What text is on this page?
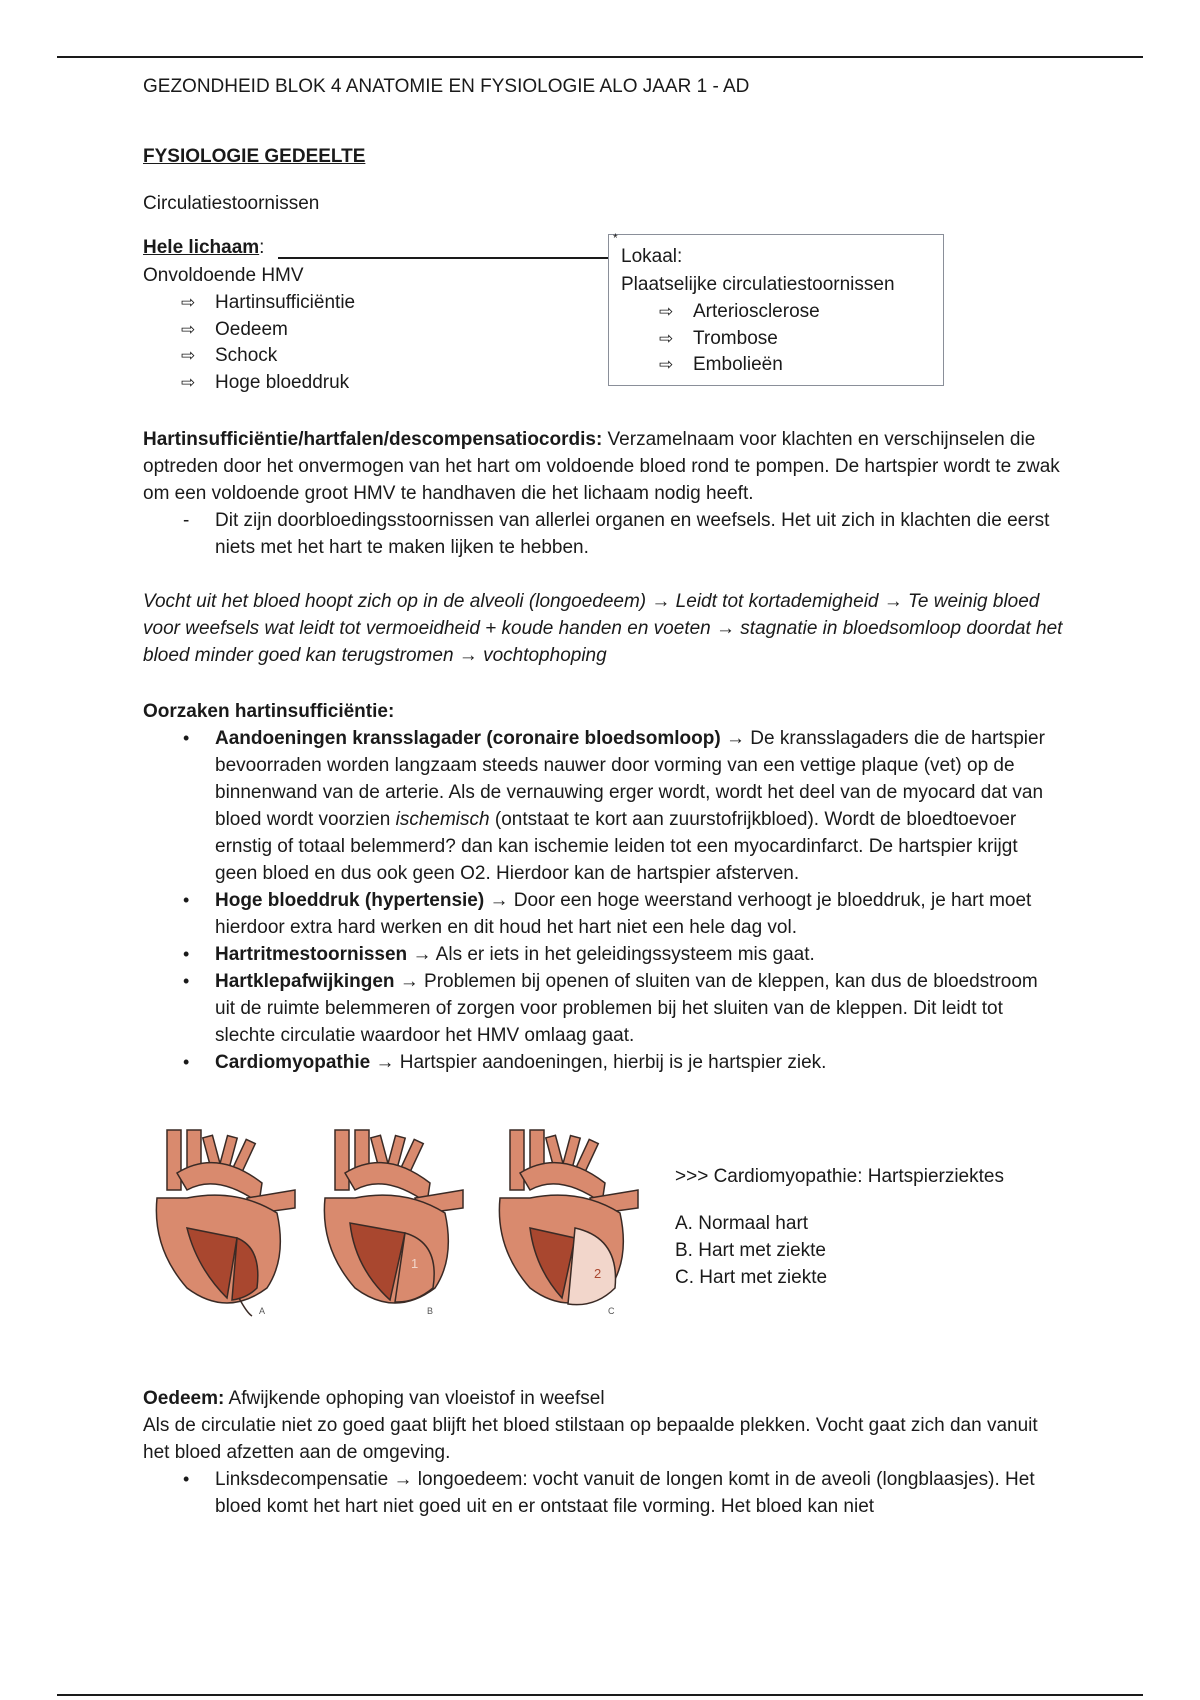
GEZONDHEID BLOK 4 ANATOMIE EN FYSIOLOGIE ALO JAAR 1 - AD
FYSIOLOGIE GEDEELTE
Circulatiestoornissen
Hele lichaam:
Onvoldoende HMV
⇨ Hartinsufficiëntie
⇨ Oedeem
⇨ Schock
⇨ Hoge bloeddruk
*
Lokaal:
Plaatselijke circulatiestoornissen
⇨ Arteriosclerose
⇨ Trombose
⇨ Embolieën
Hartinsufficiëntie/hartfalen/descompensatiocordis: Verzamelnaam voor klachten en verschijnselen die optreden door het onvermogen van het hart om voldoende bloed rond te pompen. De hartspier wordt te zwak om een voldoende groot HMV te handhaven die het lichaam nodig heeft.
- Dit zijn doorbloedingsstoornissen van allerlei organen en weefsels. Het uit zich in klachten die eerst niets met het hart te maken lijken te hebben.
Vocht uit het bloed hoopt zich op in de alveoli (longoedeem) → Leidt tot kortademigheid → Te weinig bloed voor weefsels wat leidt tot vermoeidheid + koude handen en voeten → stagnatie in bloedsomloop doordat het bloed minder goed kan terugstromen → vochtophoping
Oorzaken hartinsufficiëntie:
• Aandoeningen kransslagader (coronaire bloedsomloop) → De kransslagaders die de hartspier bevoorraden worden langzaam steeds nauwer door vorming van een vettige plaque (vet) op de binnenwand van de arterie. Als de vernauwing erger wordt, wordt het deel van de myocard dat van bloed wordt voorzien ischemisch (ontstaat te kort aan zuurstofrijkbloed). Wordt de bloedtoevoer ernstig of totaal belemmerd? dan kan ischemie leiden tot een myocardinfarct. De hartspier krijgt geen bloed en dus ook geen O2. Hierdoor kan de hartspier afsterven.
• Hoge bloeddruk (hypertensie) → Door een hoge weerstand verhoogt je bloeddruk, je hart moet hierdoor extra hard werken en dit houd het hart niet een hele dag vol.
• Hartritmestoornissen → Als er iets in het geleidingssysteem mis gaat.
• Hartklepafwijkingen → Problemen bij openen of sluiten van de kleppen, kan dus de bloedstroom uit de ruimte belemmeren of zorgen voor problemen bij het sluiten van de kleppen. Dit leidt tot slechte circulatie waardoor het HMV omlaag gaat.
• Cardiomyopathie → Hartspier aandoeningen, hierbij is je hartspier ziek.
A
1
B
2
C
>>> Cardiomyopathie: Hartspierziektes
A. Normaal hart
B. Hart met ziekte
C. Hart met ziekte
Oedeem: Afwijkende ophoping van vloeistof in weefsel
Als de circulatie niet zo goed gaat blijft het bloed stilstaan op bepaalde plekken. Vocht gaat zich dan vanuit het bloed afzetten aan de omgeving.
• Linksdecompensatie → longoedeem: vocht vanuit de longen komt in de aveoli (longblaasjes). Het bloed komt het hart niet goed uit en er ontstaat file vorming. Het bloed kan niet
